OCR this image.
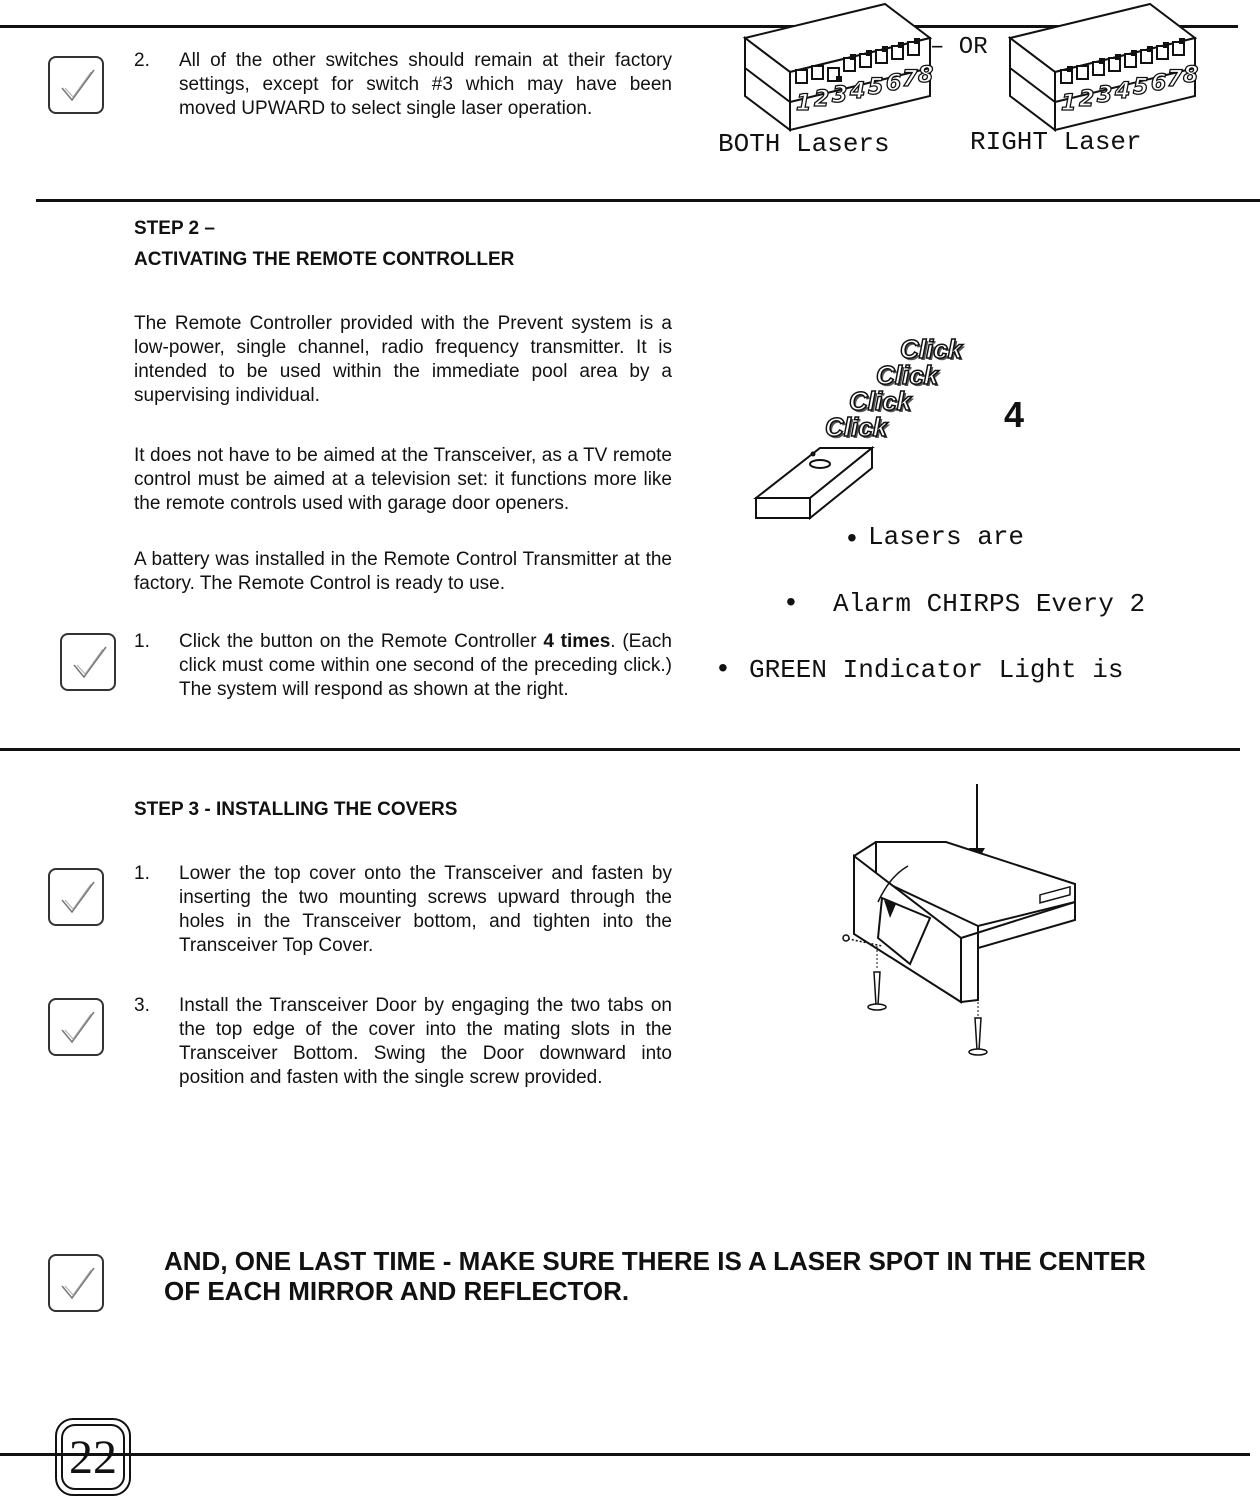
2. All of the other switches should remain at their factory settings, except for switch #3 which may have been moved UPWARD to select single laser operation.	1 2 3 4 5 6 7 8
– OR
1 2 3 4 5 6 7 8
BOTH Lasers	RIGHT Laser
STEP 2 –
ACTIVATING THE REMOTE CONTROLLER
The Remote Controller provided with the Prevent system is a low-power, single channel, radio frequency transmitter. It is intended to be used within the immediate pool area by a supervising individual.
It does not have to be aimed at the Transceiver, as a TV remote control must be aimed at a television set: it functions more like the remote controls used with garage door openers.
A battery was installed in the Remote Control Transmitter at the factory. The Remote Control is ready to use.
1. Click the button on the Remote Controller 4 times. (Each click must come within one second of the preceding click.) The system will respond as shown at the right.
Click
Click
Click
Click	4
• Lasers are
• Alarm CHIRPS Every 2
• GREEN Indicator Light is
STEP 3 - INSTALLING THE COVERS
1. Lower the top cover onto the Transceiver and fasten by inserting the two mounting screws upward through the holes in the Transceiver bottom, and tighten into the Transceiver Top Cover.
3. Install the Transceiver Door by engaging the two tabs on the top edge of the cover into the mating slots in the Transceiver Bottom. Swing the Door downward into position and fasten with the single screw provided.
AND, ONE LAST TIME - MAKE SURE THERE IS A LASER SPOT IN THE CENTER OF EACH MIRROR AND REFLECTOR.
22
